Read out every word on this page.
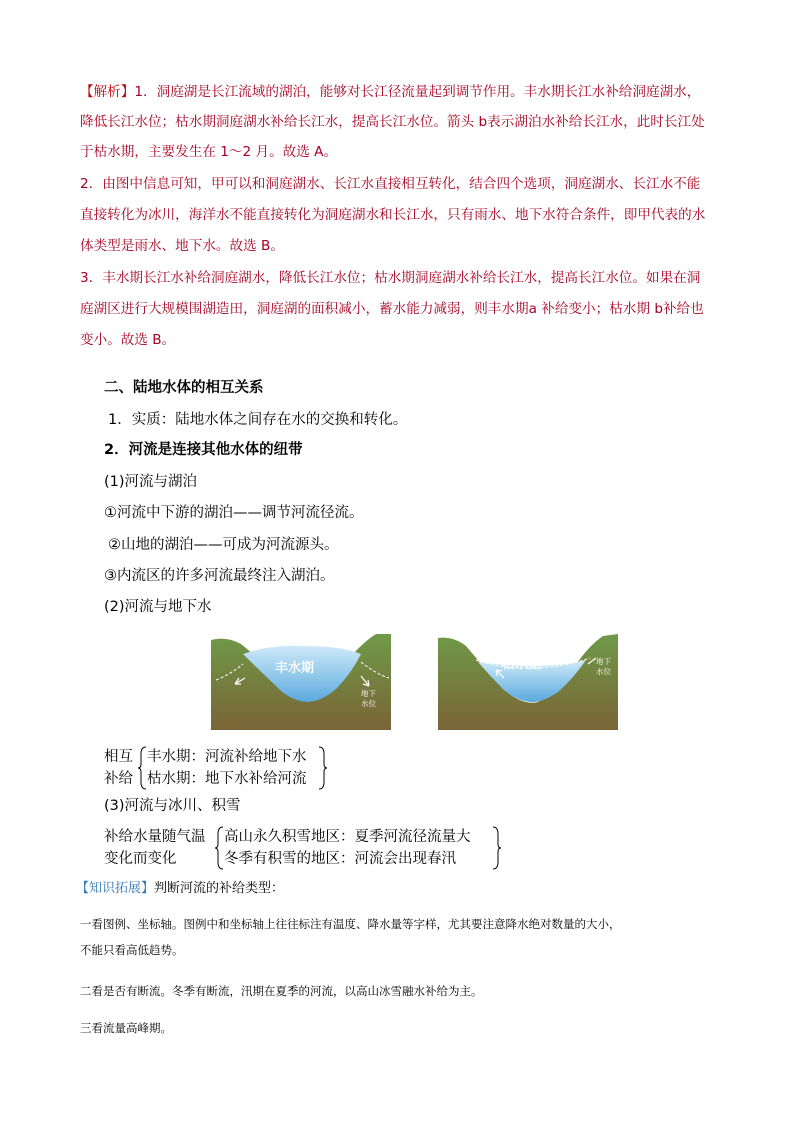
【解析】1．洞庭湖是长江流域的湖泊，能够对长江径流量起到调节作用。丰水期长江水补给洞庭湖水，
降低长江水位；枯水期洞庭湖水补给长江水，提高长江水位。箭头 b表示湖泊水补给长江水，此时长江处
于枯水期，主要发生在 1～2 月。故选 A。
2．由图中信息可知，甲可以和洞庭湖水、长江水直接相互转化，结合四个选项，洞庭湖水、长江水不能
直接转化为冰川，海洋水不能直接转化为洞庭湖水和长江水，只有雨水、地下水符合条件，即甲代表的水
体类型是雨水、地下水。故选 B。
3．丰水期长江水补给洞庭湖水，降低长江水位；枯水期洞庭湖水补给长江水，提高长江水位。如果在洞
庭湖区进行大规模围湖造田，洞庭湖的面积减小，蓄水能力减弱，则丰水期a 补给变小；枯水期 b补给也
变小。故选 B。
二、陆地水体的相互关系
1．实质：陆地水体之间存在水的交换和转化。
2．河流是连接其他水体的纽带
(1)河流与湖泊
①河流中下游的湖泊——调节河流径流。
②山地的湖泊——可成为河流源头。
③内流区的许多河流最终注入湖泊。
(2)河流与地下水
丰水期
地下
水位
枯水期	地下
水位
相互
补给
丰水期：河流补给地下水
枯水期：地下水补给河流
(3)河流与冰川、积雪
补给水量随气温
变化而变化
高山永久积雪地区：夏季河流径流量大
冬季有积雪的地区：河流会出现春汛
【知识拓展】判断河流的补给类型：
一看图例、坐标轴。图例中和坐标轴上往往标注有温度、降水量等字样，尤其要注意降水绝对数量的大小，
不能只看高低趋势。
二看是否有断流。冬季有断流，汛期在夏季的河流，以高山冰雪融水补给为主。
三看流量高峰期。
